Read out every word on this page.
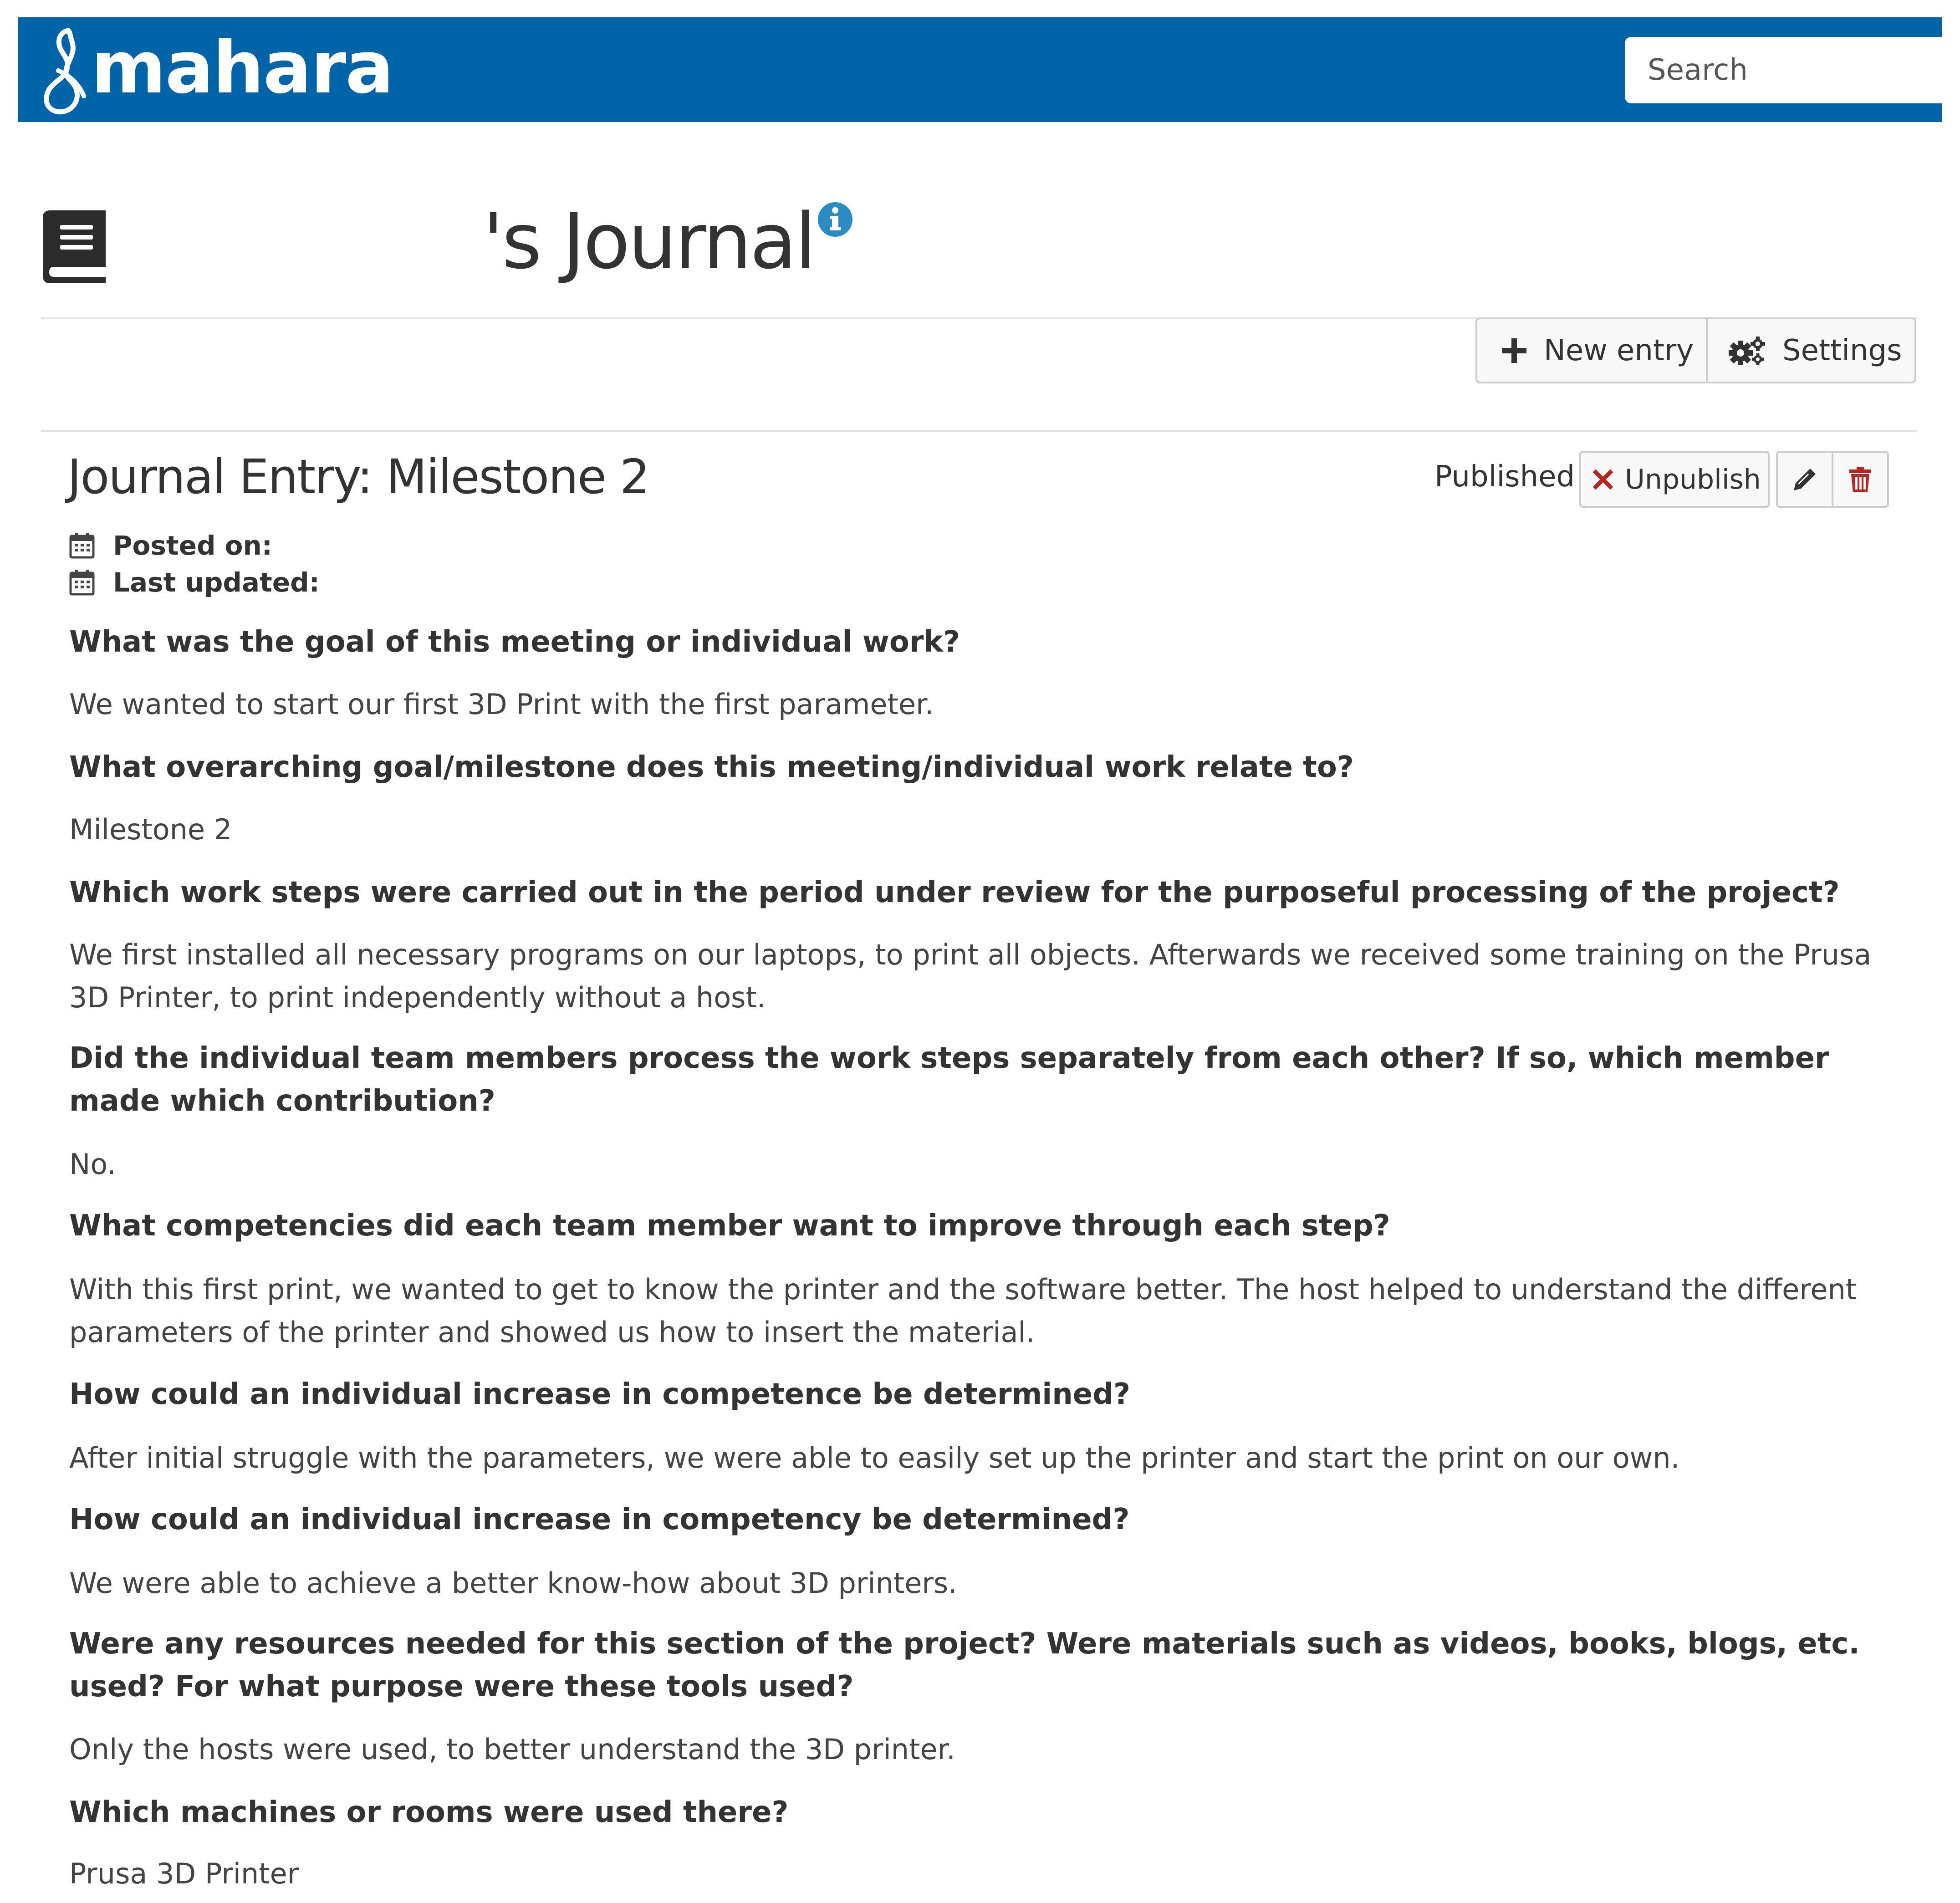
mahara
Search
's Journal
New entry	Settings
Journal Entry: Milestone 2	Published Unpublish
Posted on:
Last updated:
What was the goal of this meeting or individual work?
We wanted to start our first 3D Print with the first parameter.
What overarching goal/milestone does this meeting/individual work relate to?
Milestone 2
Which work steps were carried out in the period under review for the purposeful processing of the project?
We first installed all necessary programs on our laptops, to print all objects. Afterwards we received some training on the Prusa 3D Printer, to print independently without a host.
Did the individual team members process the work steps separately from each other? If so, which member made which contribution?
No.
What competencies did each team member want to improve through each step?
With this first print, we wanted to get to know the printer and the software better. The host helped to understand the different parameters of the printer and showed us how to insert the material.
How could an individual increase in competence be determined?
After initial struggle with the parameters, we were able to easily set up the printer and start the print on our own.
How could an individual increase in competency be determined?
We were able to achieve a better know-how about 3D printers.
Were any resources needed for this section of the project? Were materials such as videos, books, blogs, etc. used? For what purpose were these tools used?
Only the hosts were used, to better understand the 3D printer.
Which machines or rooms were used there?
Prusa 3D Printer
